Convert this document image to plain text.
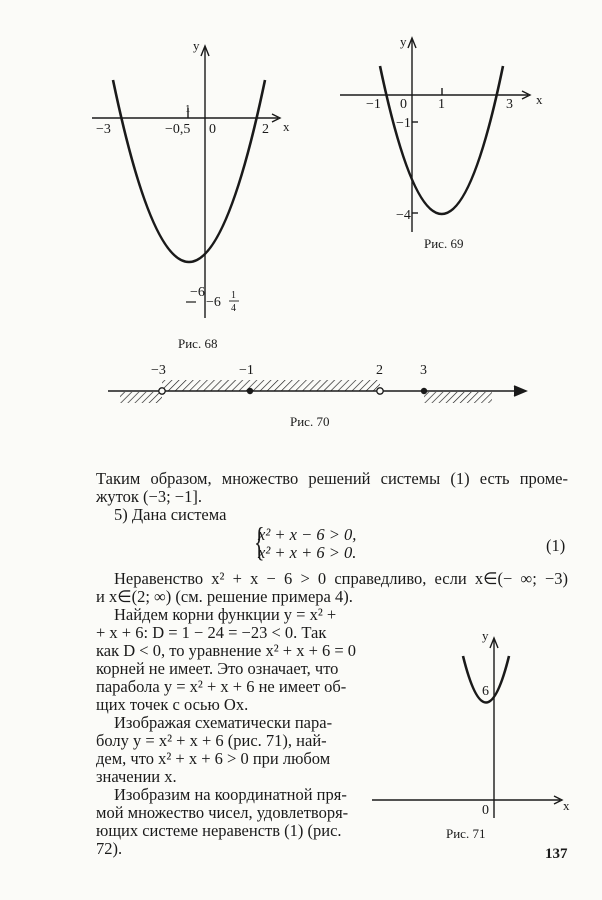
y
x
1
−3	−0,5 0	2
−6
−6 1
4
y
x
−1 0 1	3
−1
−4
−3	−1	2	3
y
x
6
0
Рис. 68
Рис. 69
Рис. 70
Рис. 71
Таким образом, множество решений системы (1) есть проме-
жуток (−3; −1].
5) Дана система
{
x² + x − 6 > 0,
x² + x + 6 > 0.	(1)
Неравенство x² + x − 6 > 0 справедливо, если x∈(− ∞; −3)
и x∈(2; ∞) (см. решение примера 4).
Найдем корни функции y = x² +
+ x + 6: D = 1 − 24 = −23 < 0. Так
как D < 0, то уравнение x² + x + 6 = 0
корней не имеет. Это означает, что
парабола y = x² + x + 6 не имеет об-
щих точек с осью Ox.
Изображая схематически пара-
болу y = x² + x + 6 (рис. 71), най-
дем, что x² + x + 6 > 0 при любом
значении x.
Изобразим на координатной пря-
мой множество чисел, удовлетворя-
ющих системе неравенств (1) (рис.
72).	137
